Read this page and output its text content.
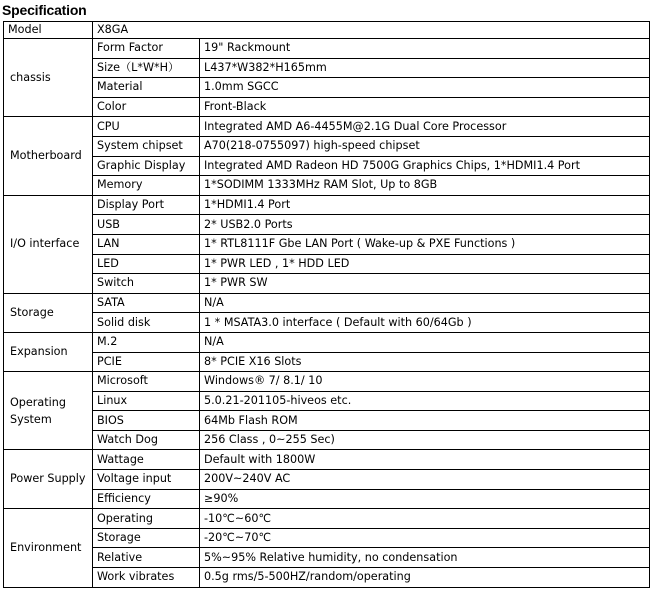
Specification
Model	X8GA	
chassis	Form Factor	19" Rackmount
	Size（L*W*H）	L437*W382*H165mm
	Material	1.0mm SGCC
	Color	Front-Black
Motherboard	CPU	Integrated AMD A6-4455M@2.1G Dual Core Processor
	System chipset	A70(218-0755097) high-speed chipset
	Graphic Display	Integrated AMD Radeon HD 7500G Graphics Chips, 1*HDMI1.4 Port
	Memory	1*SODIMM 1333MHz RAM Slot, Up to 8GB
I/O interface	Display Port	1*HDMI1.4 Port
	USB	2* USB2.0 Ports
	LAN	1* RTL8111F Gbe LAN Port ( Wake-up & PXE Functions )
	LED	1* PWR LED , 1* HDD LED
	Switch	1* PWR SW
Storage	SATA	N/A
	Solid disk	1 * MSATA3.0 interface ( Default with 60/64Gb )
Expansion	M.2	N/A
	PCIE	8* PCIE X16 Slots
Operating System	Microsoft	Windows® 7/ 8.1/ 10
	Linux	5.0.21-201105-hiveos etc.
	BIOS	64Mb Flash ROM
	Watch Dog	256 Class , 0~255 Sec)
Power Supply	Wattage	Default with 1800W
	Voltage input	200V~240V AC
	Efficiency	≥90%
Environment	Operating	-10℃~60℃
	Storage	-20℃~70℃
	Relative	5%~95% Relative humidity, no condensation
	Work vibrates	0.5g rms/5-500HZ/random/operating
